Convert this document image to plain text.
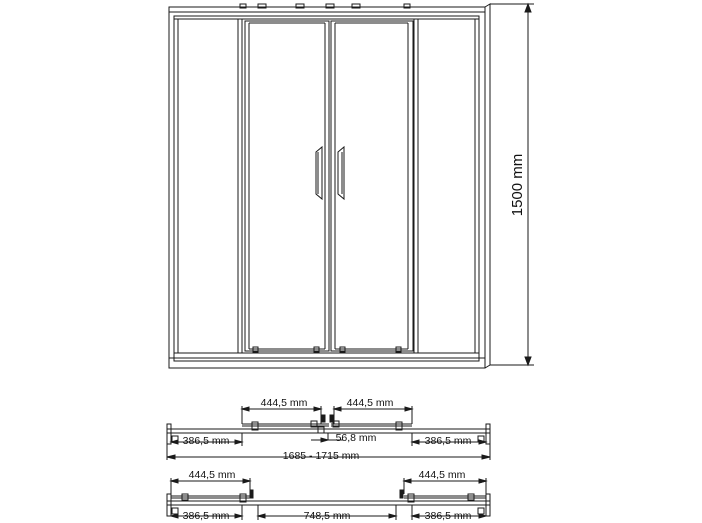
1500 mm
444,5 mm	444,5 mm
56,8 mm
386,5 mm	386,5 mm
1685 - 1715 mm
444,5 mm	444,5 mm
386,5 mm	748,5 mm	386,5 mm
